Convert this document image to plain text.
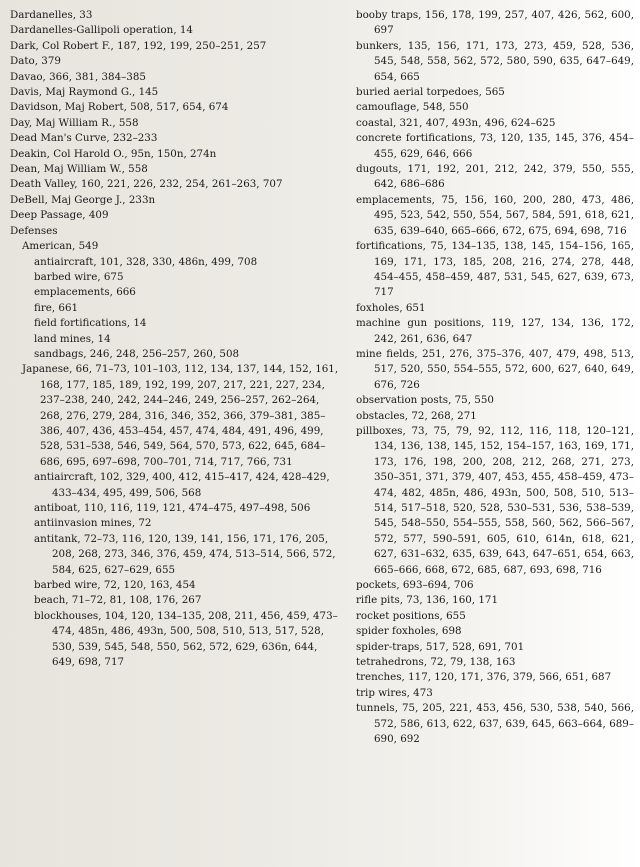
Dardanelles, 33
Dardanelles-Gallipoli operation, 14
Dark, Col Robert F., 187, 192, 199, 250–251, 257
Dato, 379
Davao, 366, 381, 384–385
Davis, Maj Raymond G., 145
Davidson, Maj Robert, 508, 517, 654, 674
Day, Maj William R., 558
Dead Man's Curve, 232–233
Deakin, Col Harold O., 95n, 150n, 274n
Dean, Maj William W., 558
Death Valley, 160, 221, 226, 232, 254, 261–263, 707
DeBell, Maj George J., 233n
Deep Passage, 409
Defenses
American, 549
antiaircraft, 101, 328, 330, 486n, 499, 708
barbed wire, 675
emplacements, 666
fire, 661
field fortifications, 14
land mines, 14
sandbags, 246, 248, 256–257, 260, 508
Japanese, 66, 71–73, 101–103, 112, 134, 137, 144, 152, 161, 168, 177, 185, 189, 192, 199, 207, 217, 221, 227, 234, 237–238, 240, 242, 244–246, 249, 256–257, 262–264, 268, 276, 279, 284, 316, 346, 352, 366, 379–381, 385–386, 407, 436, 453–454, 457, 474, 484, 491, 496, 499, 528, 531–538, 546, 549, 564, 570, 573, 622, 645, 684–686, 695, 697–698, 700–701, 714, 717, 766, 731
antiaircraft, 102, 329, 400, 412, 415–417, 424, 428–429, 433–434, 495, 499, 506, 568
antiboat, 110, 116, 119, 121, 474–475, 497–498, 506
antiinvasion mines, 72
antitank, 72–73, 116, 120, 139, 141, 156, 171, 176, 205, 208, 268, 273, 346, 376, 459, 474, 513–514, 566, 572, 584, 625, 627–629, 655
barbed wire, 72, 120, 163, 454
beach, 71–72, 81, 108, 176, 267
blockhouses, 104, 120, 134–135, 208, 211, 456, 459, 473–474, 485n, 486, 493n, 500, 508, 510, 513, 517, 528, 530, 539, 545, 548, 550, 562, 572, 629, 636n, 644, 649, 698, 717
booby traps, 156, 178, 199, 257, 407, 426, 562, 600, 697
bunkers, 135, 156, 171, 173, 273, 459, 528, 536, 545, 548, 558, 562, 572, 580, 590, 635, 647–649, 654, 665
buried aerial torpedoes, 565
camouflage, 548, 550
coastal, 321, 407, 493n, 496, 624–625
concrete fortifications, 73, 120, 135, 145, 376, 454–455, 629, 646, 666
dugouts, 171, 192, 201, 212, 242, 379, 550, 555, 642, 686–686
emplacements, 75, 156, 160, 200, 280, 473, 486, 495, 523, 542, 550, 554, 567, 584, 591, 618, 621, 635, 639–640, 665–666, 672, 675, 694, 698, 716
fortifications, 75, 134–135, 138, 145, 154–156, 165, 169, 171, 173, 185, 208, 216, 274, 278, 448, 454–455, 458–459, 487, 531, 545, 627, 639, 673, 717
foxholes, 651
machine gun positions, 119, 127, 134, 136, 172, 242, 261, 636, 647
mine fields, 251, 276, 375–376, 407, 479, 498, 513, 517, 520, 550, 554–555, 572, 600, 627, 640, 649, 676, 726
observation posts, 75, 550
obstacles, 72, 268, 271
pillboxes, 73, 75, 79, 92, 112, 116, 118, 120–121, 134, 136, 138, 145, 152, 154–157, 163, 169, 171, 173, 176, 198, 200, 208, 212, 268, 271, 273, 350–351, 371, 379, 407, 453, 455, 458–459, 473–474, 482, 485n, 486, 493n, 500, 508, 510, 513–514, 517–518, 520, 528, 530–531, 536, 538–539, 545, 548–550, 554–555, 558, 560, 562, 566–567, 572, 577, 590–591, 605, 610, 614n, 618, 621, 627, 631–632, 635, 639, 643, 647–651, 654, 663, 665–666, 668, 672, 685, 687, 693, 698, 716
pockets, 693–694, 706
rifle pits, 73, 136, 160, 171
rocket positions, 655
spider foxholes, 698
spider-traps, 517, 528, 691, 701
tetrahedrons, 72, 79, 138, 163
trenches, 117, 120, 171, 376, 379, 566, 651, 687
trip wires, 473
tunnels, 75, 205, 221, 453, 456, 530, 538, 540, 566, 572, 586, 613, 622, 637, 639, 645, 663–664, 689–690, 692
